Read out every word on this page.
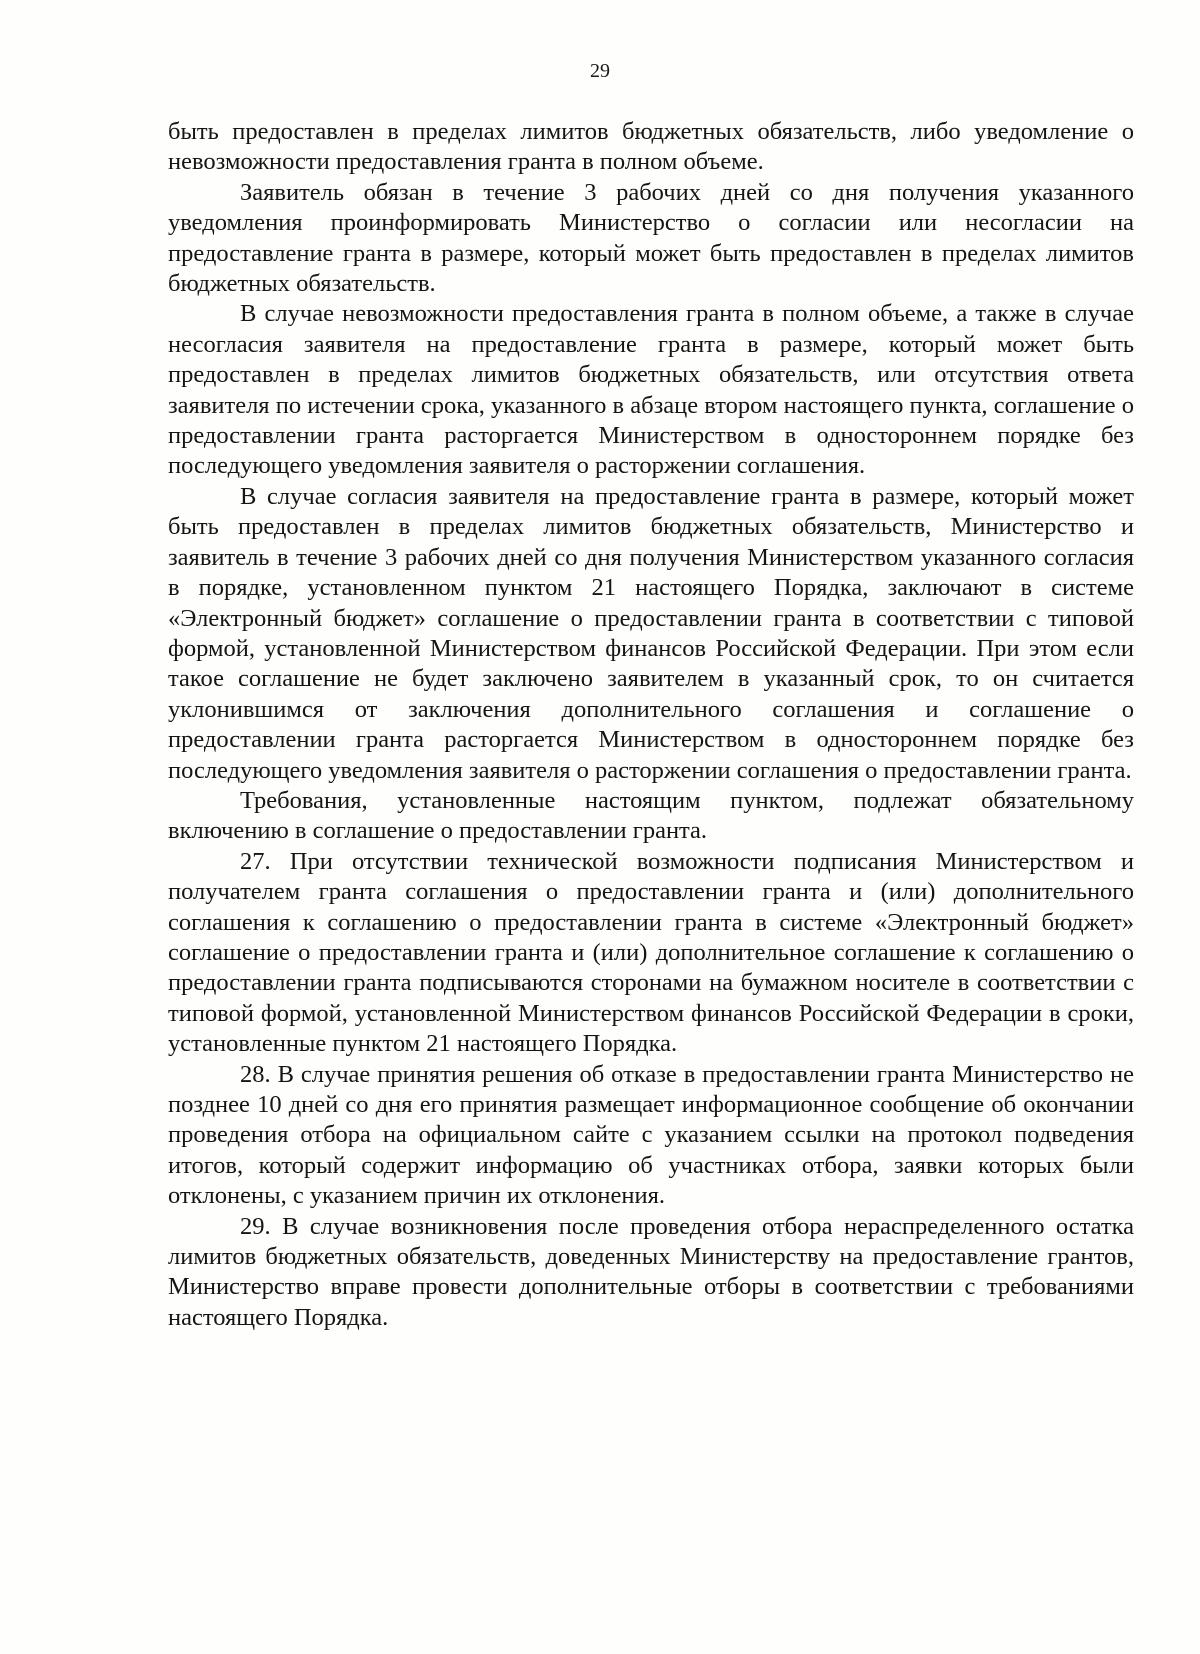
29

быть предоставлен в пределах лимитов бюджетных обязательств, либо уведомление о невозможности предоставления гранта в полном объеме.

Заявитель обязан в течение 3 рабочих дней со дня получения указанного уведомления проинформировать Министерство о согласии или несогласии на предоставление гранта в размере, который может быть предоставлен в пределах лимитов бюджетных обязательств.

В случае невозможности предоставления гранта в полном объеме, а также в случае несогласия заявителя на предоставление гранта в размере, который может быть предоставлен в пределах лимитов бюджетных обязательств, или отсутствия ответа заявителя по истечении срока, указанного в абзаце втором настоящего пункта, соглашение о предоставлении гранта расторгается Министерством в одностороннем порядке без последующего уведомления заявителя о расторжении соглашения.

В случае согласия заявителя на предоставление гранта в размере, который может быть предоставлен в пределах лимитов бюджетных обязательств, Министерство и заявитель в течение 3 рабочих дней со дня получения Министерством указанного согласия в порядке, установленном пунктом 21 настоящего Порядка, заключают в системе «Электронный бюджет» соглашение о предоставлении гранта в соответствии с типовой формой, установленной Министерством финансов Российской Федерации. При этом если такое соглашение не будет заключено заявителем в указанный срок, то он считается уклонившимся от заключения дополнительного соглашения и соглашение о предоставлении гранта расторгается Министерством в одностороннем порядке без последующего уведомления заявителя о расторжении соглашения о предоставлении гранта.

Требования, установленные настоящим пунктом, подлежат обязательному включению в соглашение о предоставлении гранта.

27. При отсутствии технической возможности подписания Министерством и получателем гранта соглашения о предоставлении гранта и (или) дополнительного соглашения к соглашению о предоставлении гранта в системе «Электронный бюджет» соглашение о предоставлении гранта и (или) дополнительное соглашение к соглашению о предоставлении гранта подписываются сторонами на бумажном носителе в соответствии с типовой формой, установленной Министерством финансов Российской Федерации в сроки, установленные пунктом 21 настоящего Порядка.

28. В случае принятия решения об отказе в предоставлении гранта Министерство не позднее 10 дней со дня его принятия размещает информационное сообщение об окончании проведения отбора на официальном сайте с указанием ссылки на протокол подведения итогов, который содержит информацию об участниках отбора, заявки которых были отклонены, с указанием причин их отклонения.

29. В случае возникновения после проведения отбора нераспределенного остатка лимитов бюджетных обязательств, доведенных Министерству на предоставление грантов, Министерство вправе провести дополнительные отборы в соответствии с требованиями настоящего Порядка.
